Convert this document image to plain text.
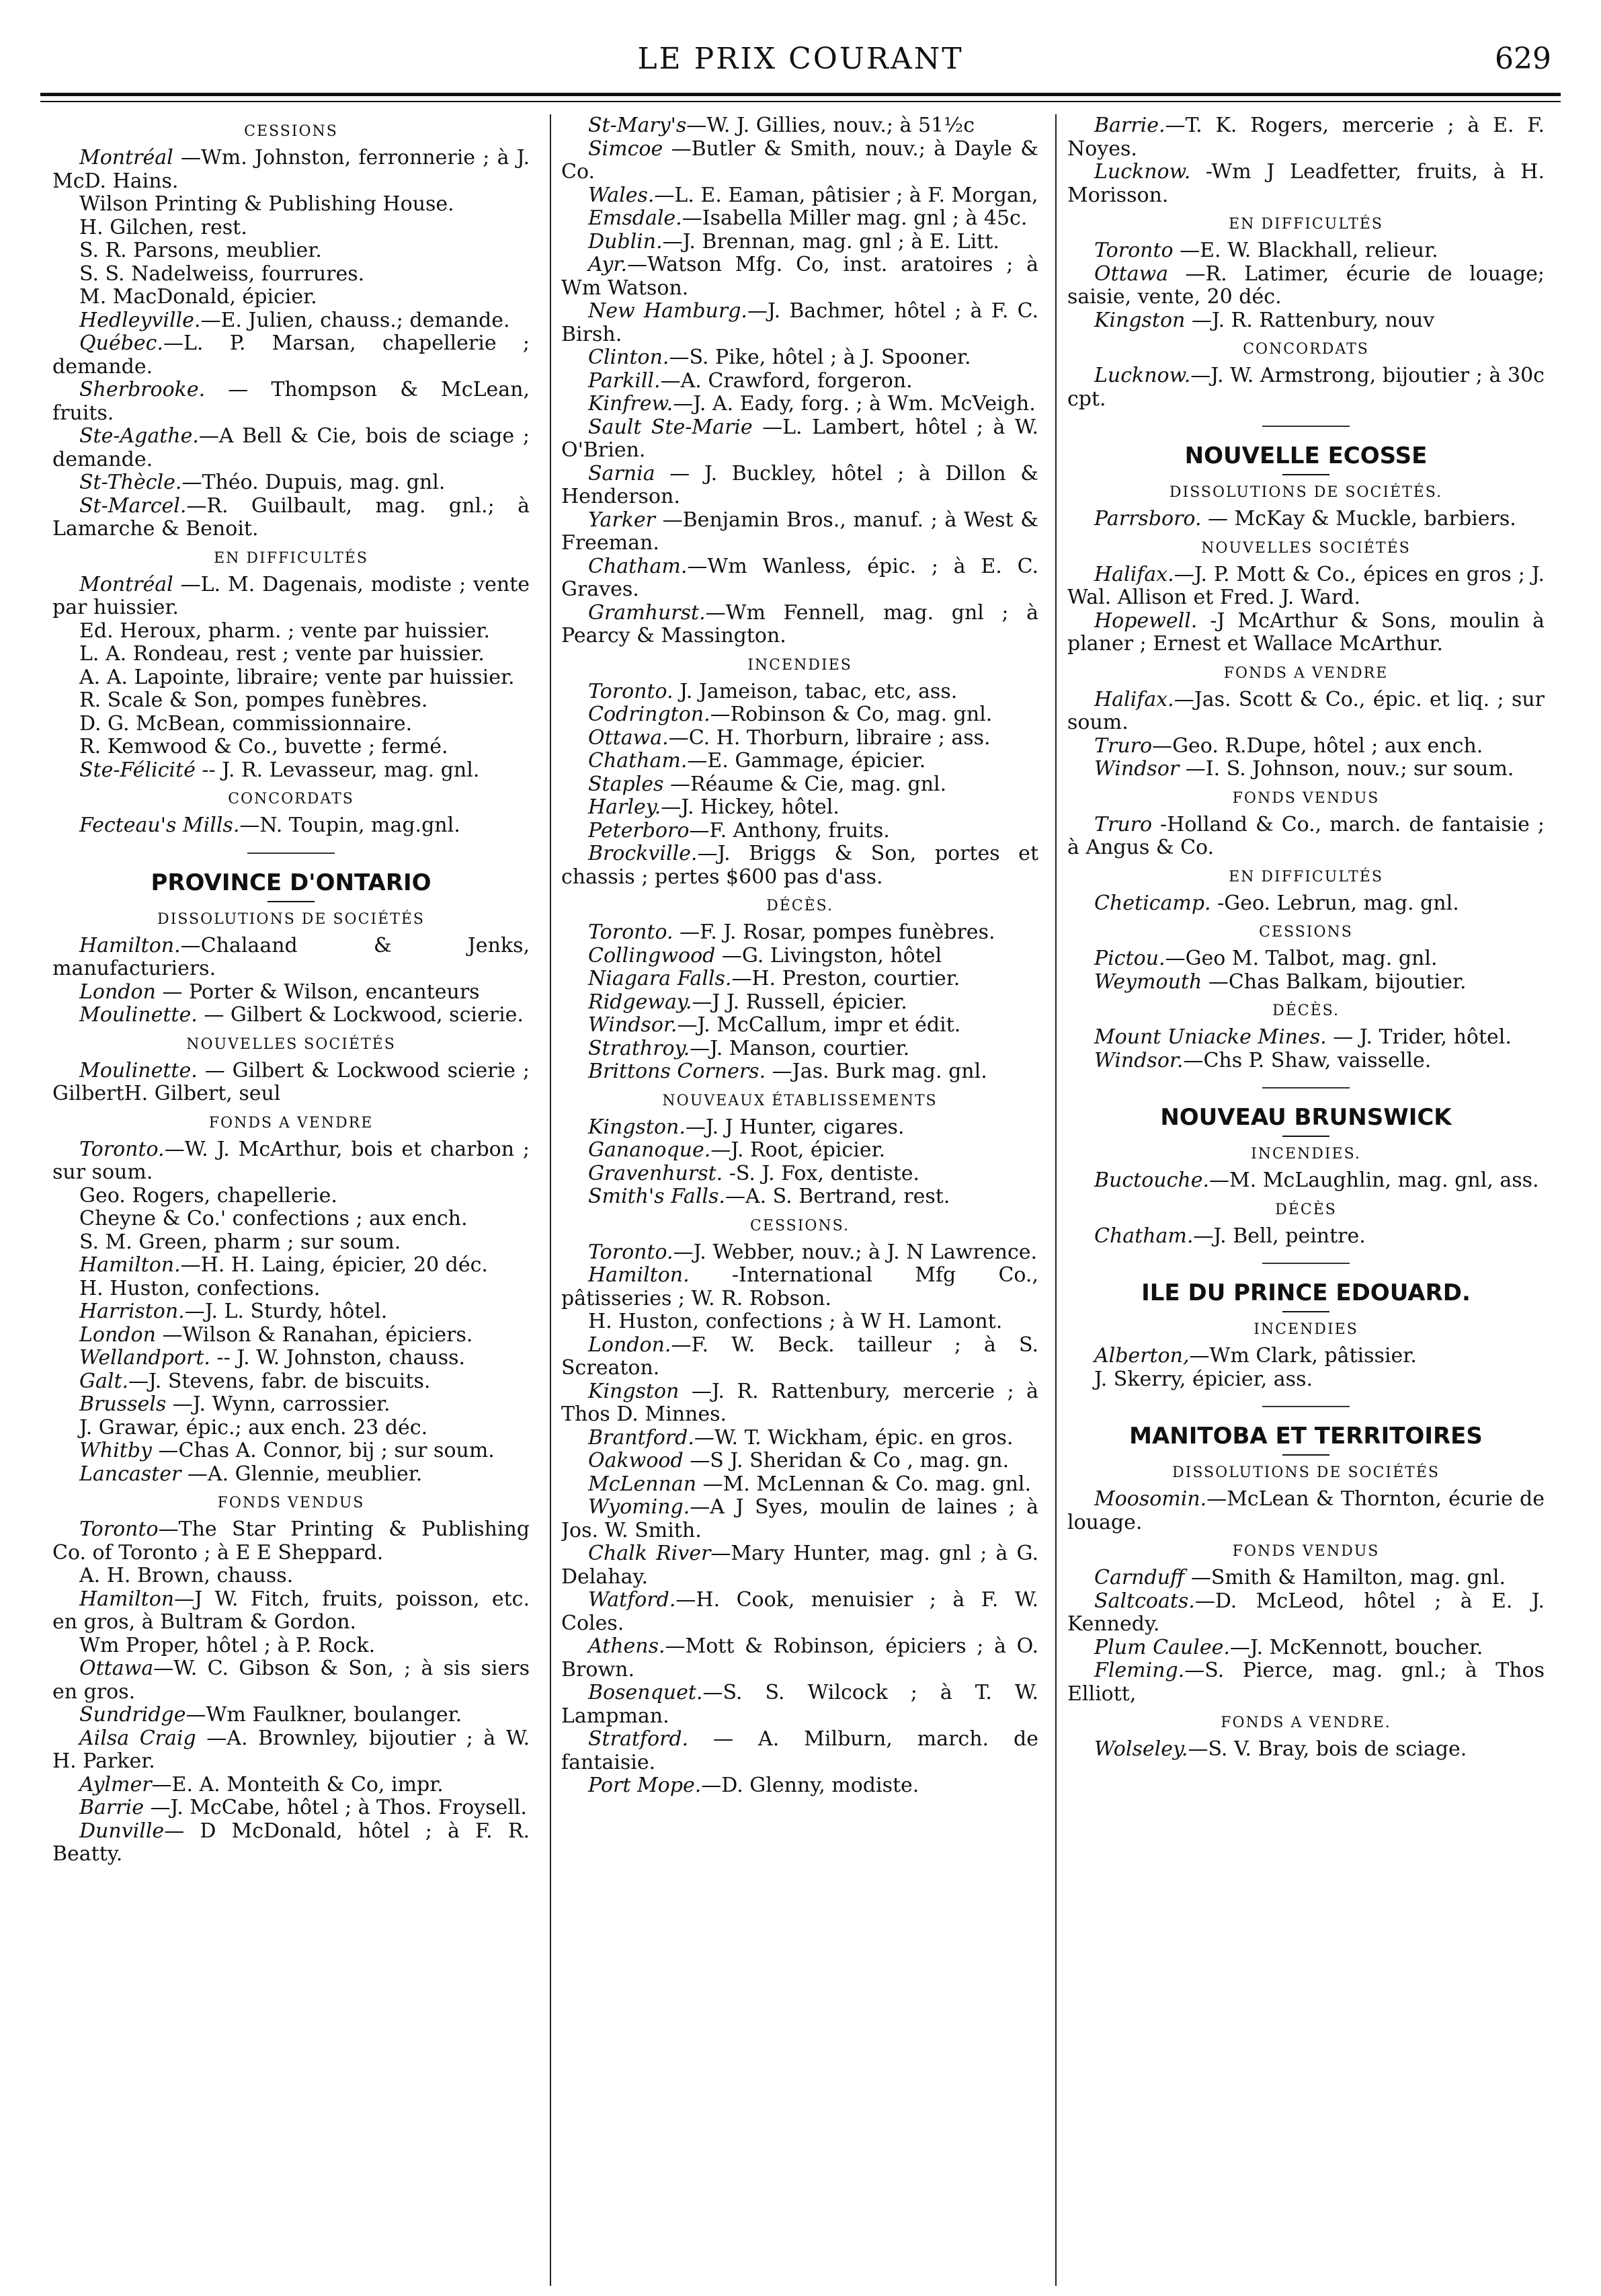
LE PRIX COURANT	629
CESSIONS
Montréal —Wm. Johnston, ferronnerie ; à J. McD. Hains.
Wilson Printing & Publishing House.
H. Gilchen, rest.
S. R. Parsons, meublier.
S. S. Nadelweiss, fourrures.
M. MacDonald, épicier.
Hedleyville.—E. Julien, chauss.; demande.
Québec.—L. P. Marsan, chapellerie ; demande.
Sherbrooke. — Thompson & McLean, fruits.
Ste-Agathe.—A Bell & Cie, bois de sciage ; demande.
St-Thècle.—Théo. Dupuis, mag. gnl.
St-Marcel.—R. Guilbault, mag. gnl.; à Lamarche & Benoit.
EN DIFFICULTÉS
Montréal —L. M. Dagenais, modiste ; vente par huissier.
Ed. Heroux, pharm. ; vente par huissier.
L. A. Rondeau, rest ; vente par huissier.
A. A. Lapointe, libraire; vente par huissier.
R. Scale & Son, pompes funèbres.
D. G. McBean, commissionnaire.
R. Kemwood & Co., buvette ; fermé.
Ste-Félicité -- J. R. Levasseur, mag. gnl.
CONCORDATS
Fecteau's Mills.—N. Toupin, mag.gnl.
PROVINCE D'ONTARIO
DISSOLUTIONS DE SOCIÉTÉS
Hamilton.—Chalaand & Jenks, manufacturiers.
London — Porter & Wilson, encanteurs
Moulinette. — Gilbert & Lockwood, scierie.
NOUVELLES SOCIÉTÉS
Moulinette. — Gilbert & Lockwood scierie ; GilbertH. Gilbert, seul
FONDS A VENDRE
Toronto.—W. J. McArthur, bois et charbon ; sur soum.
Geo. Rogers, chapellerie.
Cheyne & Co.' confections ; aux ench.
S. M. Green, pharm ; sur soum.
Hamilton.—H. H. Laing, épicier, 20 déc.
H. Huston, confections.
Harriston.—J. L. Sturdy, hôtel.
London —Wilson & Ranahan, épiciers.
Wellandport. -- J. W. Johnston, chauss.
Galt.—J. Stevens, fabr. de biscuits.
Brussels —J. Wynn, carrossier.
J. Grawar, épic.; aux ench. 23 déc.
Whitby —Chas A. Connor, bij ; sur soum.
Lancaster —A. Glennie, meublier.
FONDS VENDUS
Toronto—The Star Printing & Publishing Co. of Toronto ; à E E Sheppard.
A. H. Brown, chauss.
Hamilton—J W. Fitch, fruits, poisson, etc. en gros, à Bultram & Gordon.
Wm Proper, hôtel ; à P. Rock.
Ottawa—W. C. Gibson & Son, ; à sis siers en gros.
Sundridge—Wm Faulkner, boulanger.
Ailsa Craig —A. Brownley, bijoutier ; à W. H. Parker.
Aylmer—E. A. Monteith & Co, impr.
Barrie —J. McCabe, hôtel ; à Thos. Froysell.
Dunville— D McDonald, hôtel ; à F. R. Beatty.
St-Mary's—W. J. Gillies, nouv.; à 51½c
Simcoe —Butler & Smith, nouv.; à Dayle & Co.
Wales.—L. E. Eaman, pâtisier ; à F. Morgan,
Emsdale.—Isabella Miller mag. gnl ; à 45c.
Dublin.—J. Brennan, mag. gnl ; à E. Litt.
Ayr.—Watson Mfg. Co, inst. aratoires ; à Wm Watson.
New Hamburg.—J. Bachmer, hôtel ; à F. C. Birsh.
Clinton.—S. Pike, hôtel ; à J. Spooner.
Parkill.—A. Crawford, forgeron.
Kinfrew.—J. A. Eady, forg. ; à Wm. McVeigh.
Sault Ste-Marie —L. Lambert, hôtel ; à W. O'Brien.
Sarnia — J. Buckley, hôtel ; à Dillon & Henderson.
Yarker —Benjamin Bros., manuf. ; à West & Freeman.
Chatham.—Wm Wanless, épic. ; à E. C. Graves.
Gramhurst.—Wm Fennell, mag. gnl ; à Pearcy & Massington.
INCENDIES
Toronto. J. Jameison, tabac, etc, ass.
Codrington.—Robinson & Co, mag. gnl.
Ottawa.—C. H. Thorburn, libraire ; ass.
Chatham.—E. Gammage, épicier.
Staples —Réaume & Cie, mag. gnl.
Harley.—J. Hickey, hôtel.
Peterboro—F. Anthony, fruits.
Brockville.—J. Briggs & Son, portes et chassis ; pertes $600 pas d'ass.
DÉCÈS.
Toronto. —F. J. Rosar, pompes funèbres.
Collingwood —G. Livingston, hôtel
Niagara Falls.—H. Preston, courtier.
Ridgeway.—J J. Russell, épicier.
Windsor.—J. McCallum, impr et édit.
Strathroy.—J. Manson, courtier.
Brittons Corners. —Jas. Burk mag. gnl.
NOUVEAUX ÉTABLISSEMENTS
Kingston.—J. J Hunter, cigares.
Gananoque.—J. Root, épicier.
Gravenhurst. -S. J. Fox, dentiste.
Smith's Falls.—A. S. Bertrand, rest.
CESSIONS.
Toronto.—J. Webber, nouv.; à J. N Lawrence.
Hamilton. -International Mfg Co., pâtisseries ; W. R. Robson.
H. Huston, confections ; à W H. Lamont.
London.—F. W. Beck. tailleur ; à S. Screaton.
Kingston —J. R. Rattenbury, mercerie ; à Thos D. Minnes.
Brantford.—W. T. Wickham, épic. en gros.
Oakwood —S J. Sheridan & Co , mag. gn.
McLennan —M. McLennan & Co. mag. gnl.
Wyoming.—A J Syes, moulin de laines ; à Jos. W. Smith.
Chalk River—Mary Hunter, mag. gnl ; à G. Delahay.
Watford.—H. Cook, menuisier ; à F. W. Coles.
Athens.—Mott & Robinson, épiciers ; à O. Brown.
Bosenquet.—S. S. Wilcock ; à T. W. Lampman.
Stratford. — A. Milburn, march. de fantaisie.
Port Mope.—D. Glenny, modiste.
Barrie.—T. K. Rogers, mercerie ; à E. F. Noyes.
Lucknow. -Wm J Leadfetter, fruits, à H. Morisson.
EN DIFFICULTÉS
Toronto —E. W. Blackhall, relieur.
Ottawa —R. Latimer, écurie de louage; saisie, vente, 20 déc.
Kingston —J. R. Rattenbury, nouv
CONCORDATS
Lucknow.—J. W. Armstrong, bijoutier ; à 30c cpt.
NOUVELLE ECOSSE
DISSOLUTIONS DE SOCIÉTÉS.
Parrsboro. — McKay & Muckle, barbiers.
NOUVELLES SOCIÉTÉS
Halifax.—J. P. Mott & Co., épices en gros ; J. Wal. Allison et Fred. J. Ward.
Hopewell. -J McArthur & Sons, moulin à planer ; Ernest et Wallace McArthur.
FONDS A VENDRE
Halifax.—Jas. Scott & Co., épic. et liq. ; sur soum.
Truro—Geo. R.Dupe, hôtel ; aux ench.
Windsor —I. S. Johnson, nouv.; sur soum.
FONDS VENDUS
Truro -Holland & Co., march. de fantaisie ; à Angus & Co.
EN DIFFICULTÉS
Cheticamp. -Geo. Lebrun, mag. gnl.
CESSIONS
Pictou.—Geo M. Talbot, mag. gnl.
Weymouth —Chas Balkam, bijoutier.
DÉCÈS.
Mount Uniacke Mines. — J. Trider, hôtel.
Windsor.—Chs P. Shaw, vaisselle.
NOUVEAU BRUNSWICK
INCENDIES.
Buctouche.—M. McLaughlin, mag. gnl, ass.
DÉCÈS
Chatham.—J. Bell, peintre.
ILE DU PRINCE EDOUARD.
INCENDIES
Alberton,—Wm Clark, pâtissier.
J. Skerry, épicier, ass.
MANITOBA ET TERRITOIRES
DISSOLUTIONS DE SOCIÉTÉS
Moosomin.—McLean & Thornton, écurie de louage.
FONDS VENDUS
Carnduff —Smith & Hamilton, mag. gnl.
Saltcoats.—D. McLeod, hôtel ; à E. J. Kennedy.
Plum Caulee.—J. McKennott, boucher.
Fleming.—S. Pierce, mag. gnl.; à Thos Elliott,
FONDS A VENDRE.
Wolseley.—S. V. Bray, bois de sciage.
